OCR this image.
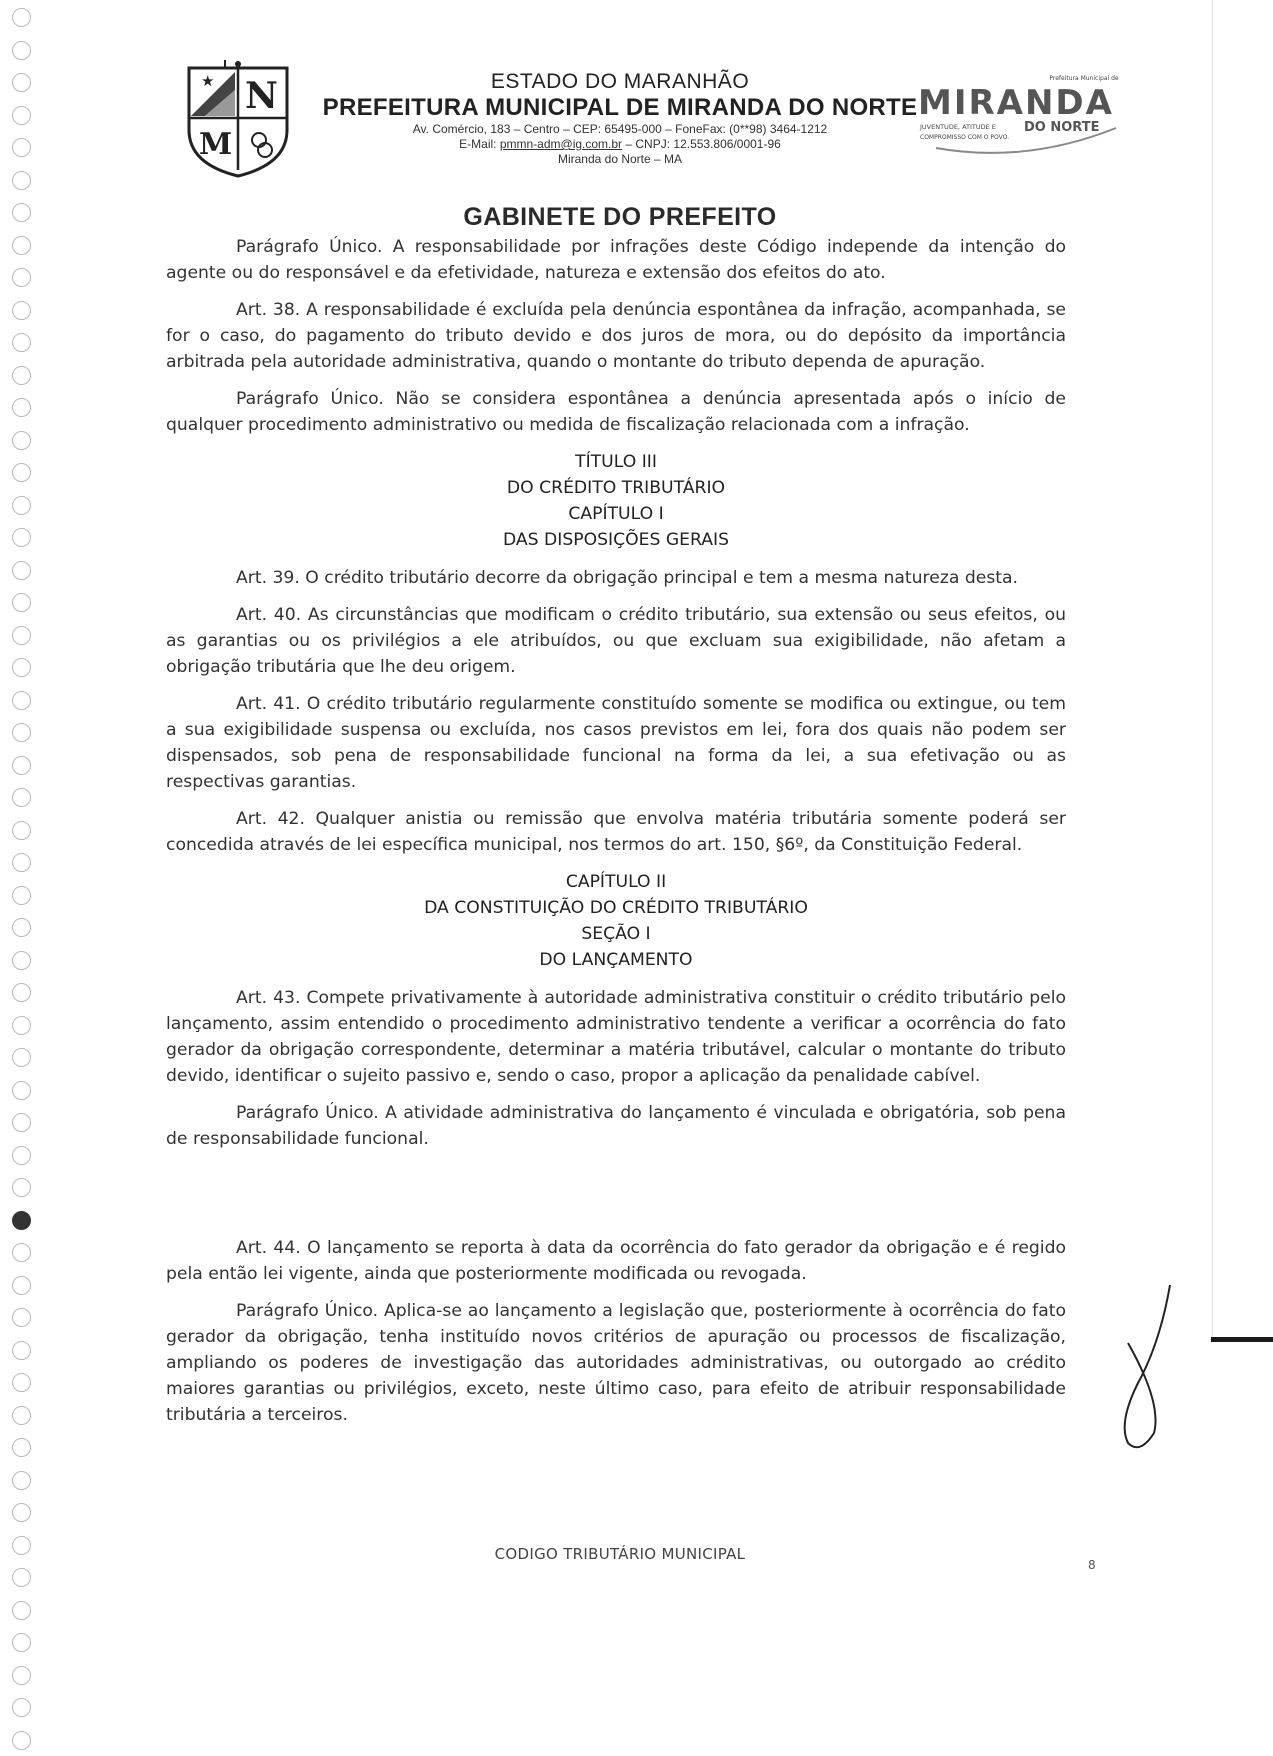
★ N
M
ESTADO DO MARANHÃO
PREFEITURA MUNICIPAL DE MIRANDA DO NORTE
Av. Comércio, 183 – Centro – CEP: 65495-000 – FoneFax: (0**98) 3464-1212
E-Mail: pmmn-adm@ig.com.br – CNPJ: 12.553.806/0001-96
Miranda do Norte – MA
Prefeitura Municipal de
MIRANDA
JUVENTUDE, ATITUDE E DO NORTE
COMPROMISSO COM O POVO.
GABINETE DO PREFEITO

Parágrafo Único. A responsabilidade por infrações deste Código independe da intenção do agente ou do responsável e da efetividade, natureza e extensão dos efeitos do ato.

Art. 38. A responsabilidade é excluída pela denúncia espontânea da infração, acompanhada, se for o caso, do pagamento do tributo devido e dos juros de mora, ou do depósito da importância arbitrada pela autoridade administrativa, quando o montante do tributo dependa de apuração.

Parágrafo Único. Não se considera espontânea a denúncia apresentada após o início de qualquer procedimento administrativo ou medida de fiscalização relacionada com a infração.

TÍTULO III
DO CRÉDITO TRIBUTÁRIO
CAPÍTULO I
DAS DISPOSIÇÕES GERAIS

Art. 39. O crédito tributário decorre da obrigação principal e tem a mesma natureza desta.

Art. 40. As circunstâncias que modificam o crédito tributário, sua extensão ou seus efeitos, ou as garantias ou os privilégios a ele atribuídos, ou que excluam sua exigibilidade, não afetam a obrigação tributária que lhe deu origem.

Art. 41. O crédito tributário regularmente constituído somente se modifica ou extingue, ou tem a sua exigibilidade suspensa ou excluída, nos casos previstos em lei, fora dos quais não podem ser dispensados, sob pena de responsabilidade funcional na forma da lei, a sua efetivação ou as respectivas garantias.

Art. 42. Qualquer anistia ou remissão que envolva matéria tributária somente poderá ser concedida através de lei específica municipal, nos termos do art. 150, §6º, da Constituição Federal.

CAPÍTULO II
DA CONSTITUIÇÃO DO CRÉDITO TRIBUTÁRIO
SEÇÃO I
DO LANÇAMENTO

Art. 43. Compete privativamente à autoridade administrativa constituir o crédito tributário pelo lançamento, assim entendido o procedimento administrativo tendente a verificar a ocorrência do fato gerador da obrigação correspondente, determinar a matéria tributável, calcular o montante do tributo devido, identificar o sujeito passivo e, sendo o caso, propor a aplicação da penalidade cabível.

Parágrafo Único. A atividade administrativa do lançamento é vinculada e obrigatória, sob pena de responsabilidade funcional.

Art. 44. O lançamento se reporta à data da ocorrência do fato gerador da obrigação e é regido pela então lei vigente, ainda que posteriormente modificada ou revogada.

Parágrafo Único. Aplica-se ao lançamento a legislação que, posteriormente à ocorrência do fato gerador da obrigação, tenha instituído novos critérios de apuração ou processos de fiscalização, ampliando os poderes de investigação das autoridades administrativas, ou outorgado ao crédito maiores garantias ou privilégios, exceto, neste último caso, para efeito de atribuir responsabilidade tributária a terceiros.

CODIGO TRIBUTÁRIO MUNICIPAL
8
